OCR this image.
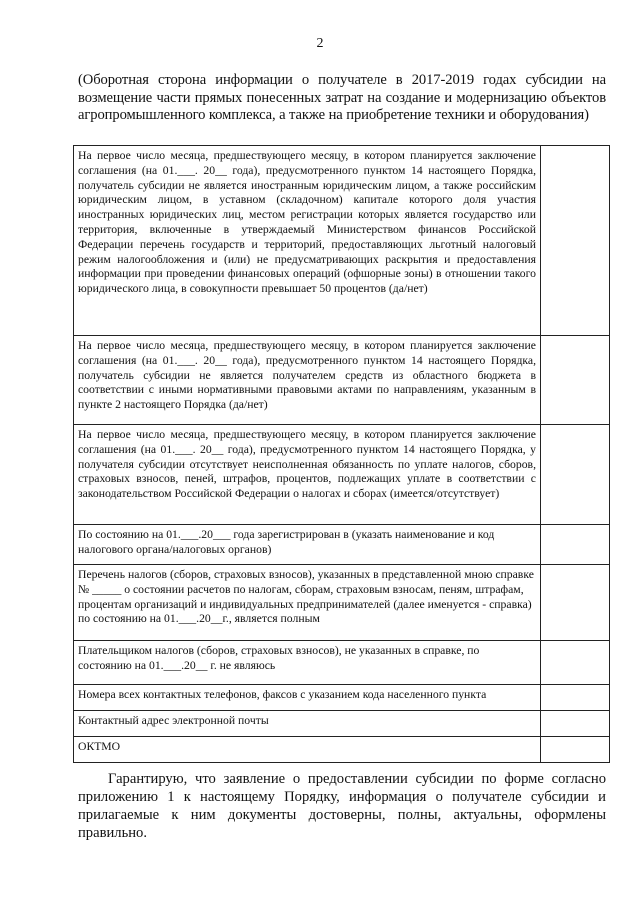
2
(Оборотная сторона информации о получателе в 2017-2019 годах субсидии на возмещение части прямых понесенных затрат на создание и модернизацию объектов агропромышленного комплекса, а также на приобретение техники и оборудования)
На первое число месяца, предшествующего месяцу, в котором планируется заключение соглашения (на 01.___. 20__ года), предусмотренного пунктом 14 настоящего Порядка, получатель субсидии не является иностранным юридическим лицом, а также российским юридическим лицом, в уставном (складочном) капитале которого доля участия иностранных юридических лиц, местом регистрации которых является государство или территория, включенные в утверждаемый Министерством финансов Российской Федерации перечень государств и территорий, предоставляющих льготный налоговый режим налогообложения и (или) не предусматривающих раскрытия и предоставления информации при проведении финансовых операций (офшорные зоны) в отношении такого юридического лица, в совокупности превышает 50 процентов (да/нет)	
На первое число месяца, предшествующего месяцу, в котором планируется заключение соглашения (на 01.___. 20__ года), предусмотренного пунктом 14 настоящего Порядка, получатель субсидии не является получателем средств из областного бюджета в соответствии с иными нормативными правовыми актами по направлениям, указанным в пункте 2 настоящего Порядка (да/нет)	
На первое число месяца, предшествующего месяцу, в котором планируется заключение соглашения (на 01.___. 20__ года), предусмотренного пунктом 14 настоящего Порядка, у получателя субсидии отсутствует неисполненная обязанность по уплате налогов, сборов, страховых взносов, пеней, штрафов, процентов, подлежащих уплате в соответствии с законодательством Российской Федерации о налогах и сборах (имеется/отсутствует)	
По состоянию на 01.___.20___ года зарегистрирован в (указать наименование и код налогового органа/налоговых органов)	
Перечень налогов (сборов, страховых взносов), указанных в представленной мною справке № _____ о состоянии расчетов по налогам, сборам, страховым взносам, пеням, штрафам, процентам организаций и индивидуальных предпринимателей (далее именуется - справка) по состоянию на 01.___.20__г., является полным	
Плательщиком налогов (сборов, страховых взносов), не указанных в справке, по состоянию на 01.___.20__ г. не являюсь	
Номера всех контактных телефонов, факсов с указанием кода населенного пункта	
Контактный адрес электронной почты	
ОКТМО	
Гарантирую, что заявление о предоставлении субсидии по форме согласно приложению 1 к настоящему Порядку, информация о получателе субсидии и прилагаемые к ним документы достоверны, полны, актуальны, оформлены правильно.
